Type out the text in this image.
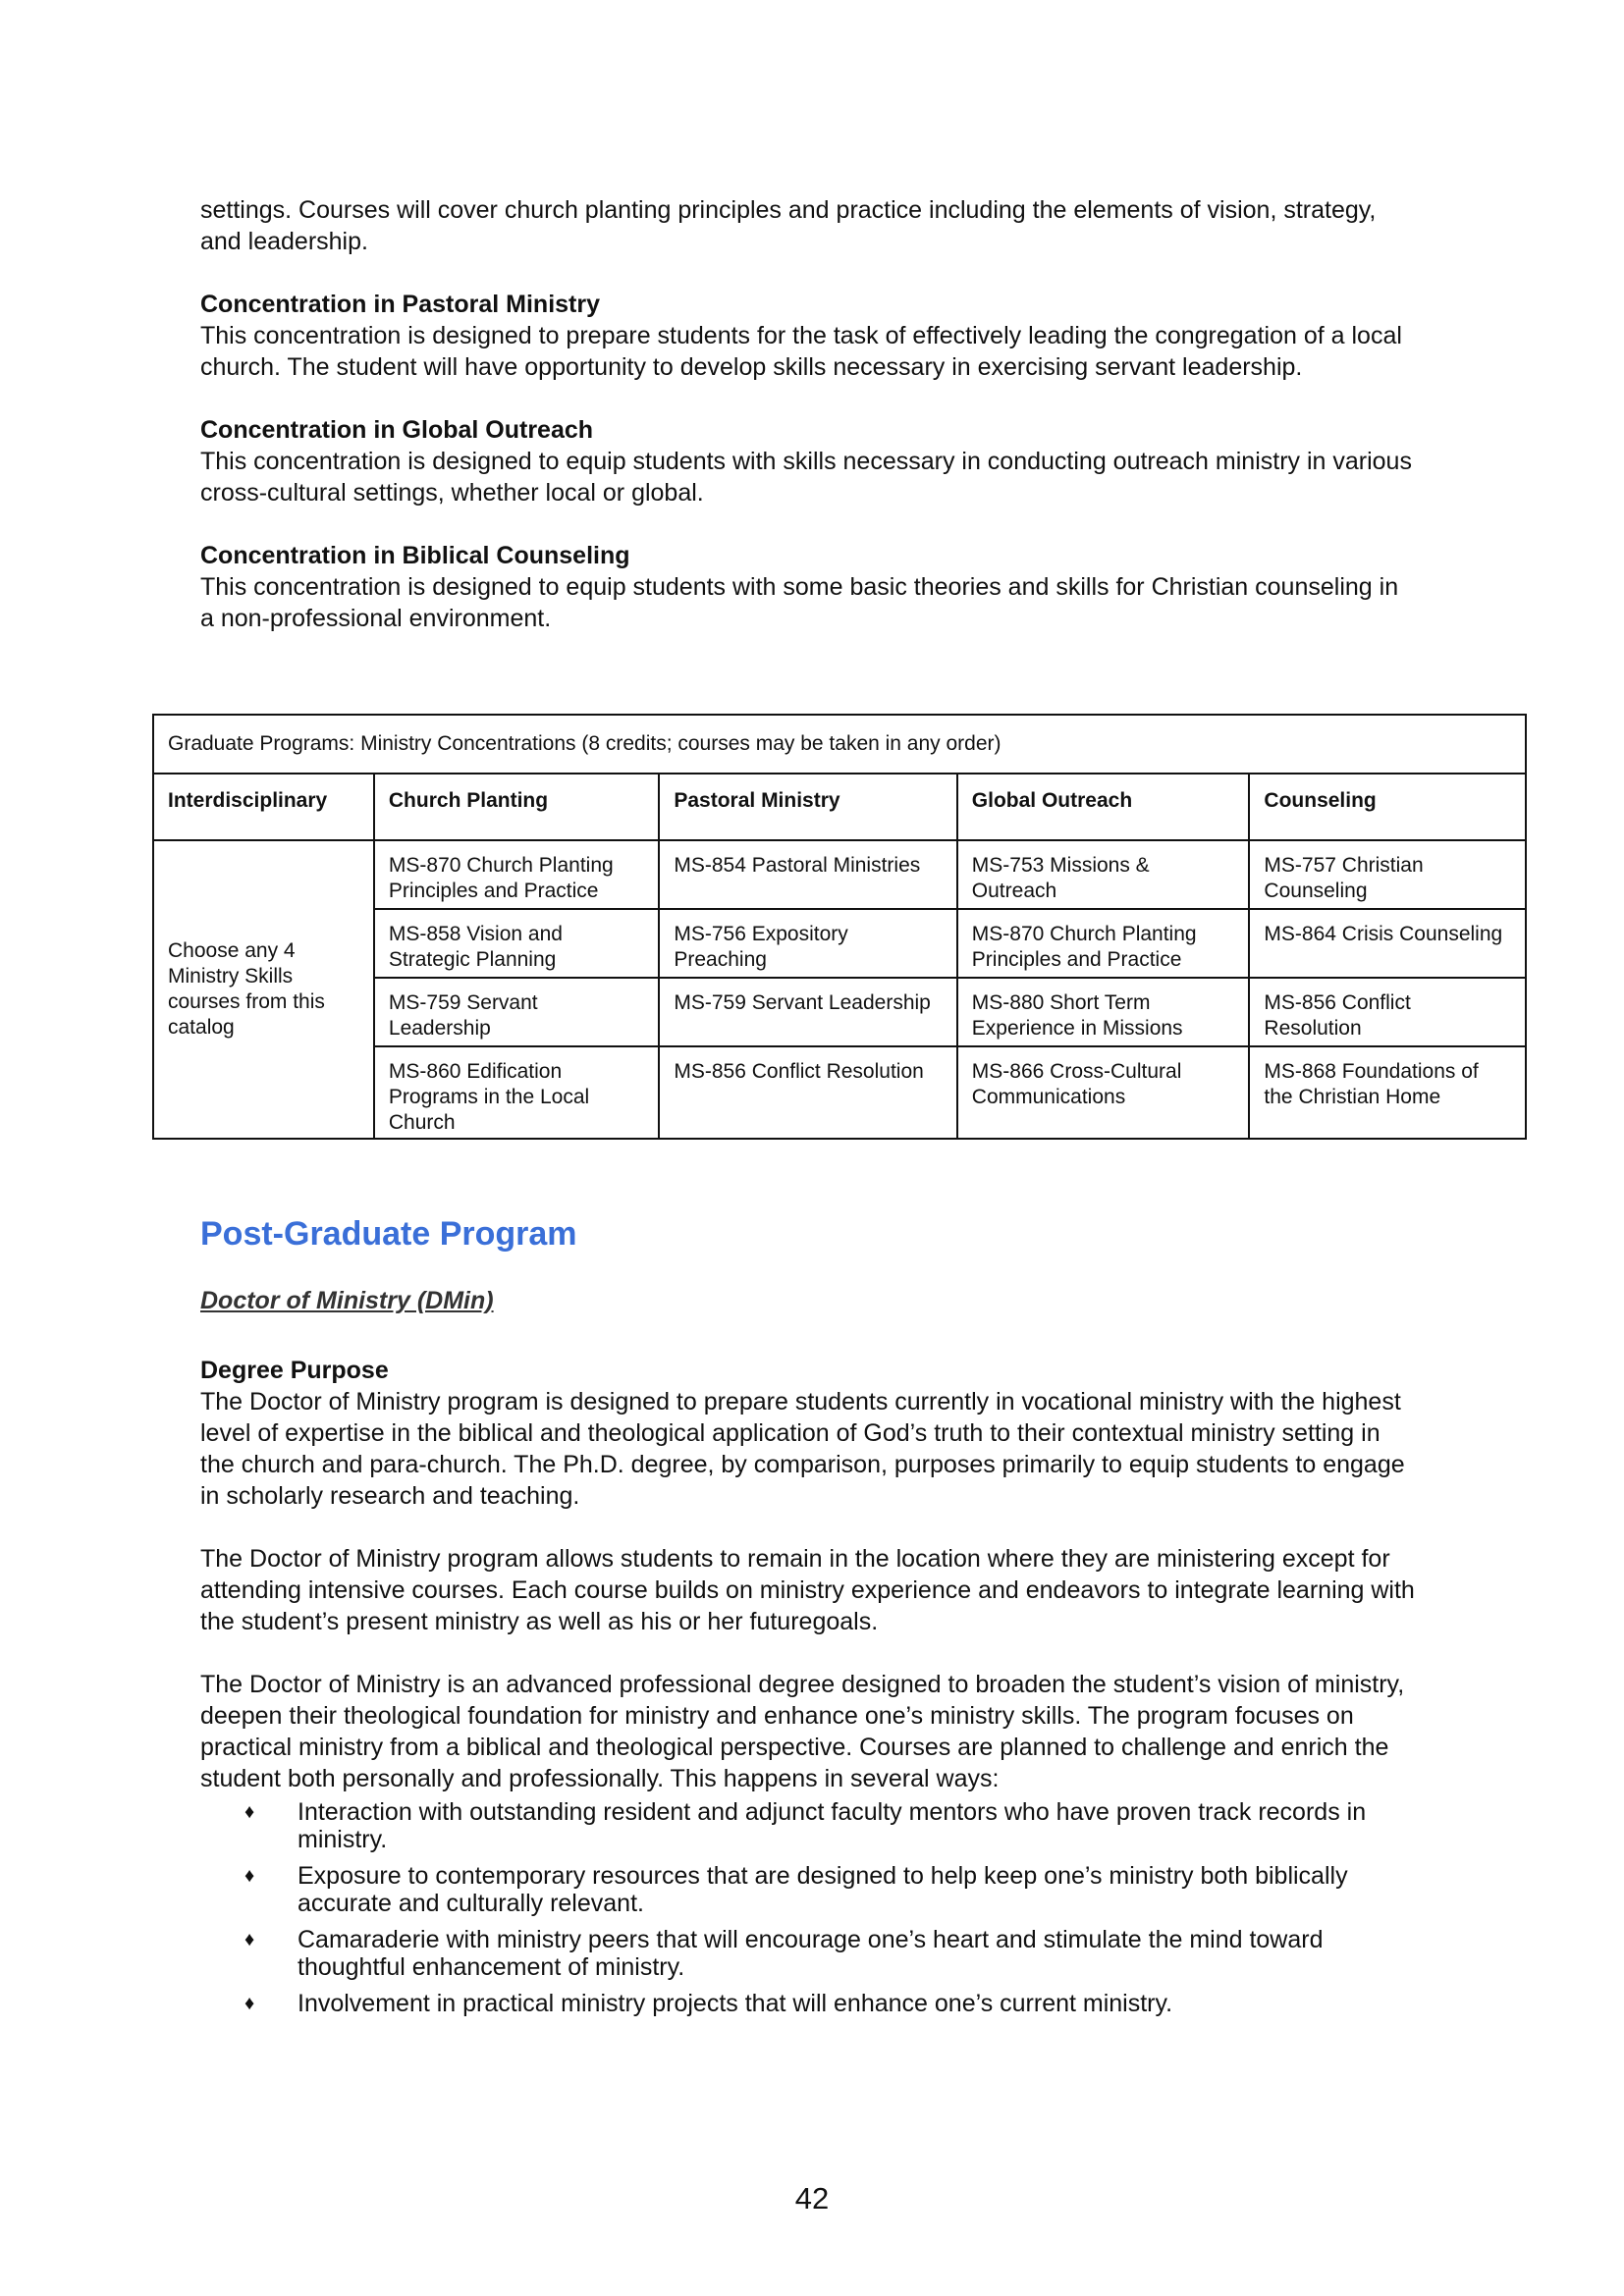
settings. Courses will cover church planting principles and practice including the elements of vision, strategy, and leadership.

Concentration in Pastoral Ministry

This concentration is designed to prepare students for the task of effectively leading the congregation of a local church. The student will have opportunity to develop skills necessary in exercising servant leadership.

Concentration in Global Outreach

This concentration is designed to equip students with skills necessary in conducting outreach ministry in various cross-cultural settings, whether local or global.

Concentration in Biblical Counseling

This concentration is designed to equip students with some basic theories and skills for Christian counseling in a non-professional environment.

Graduate Programs: Ministry Concentrations (8 credits; courses may be taken in any order)				
Interdisciplinary	Church Planting	Pastoral Ministry	Global Outreach	Counseling
Choose any 4 Ministry Skills courses from this catalog	MS-870 Church Planting Principles and Practice	MS-854 Pastoral Ministries	MS-753 Missions & Outreach	MS-757 Christian Counseling
	MS-858 Vision and Strategic Planning	MS-756 Expository Preaching	MS-870 Church Planting Principles and Practice	MS-864 Crisis Counseling
	MS-759 Servant Leadership	MS-759 Servant Leadership	MS-880 Short Term Experience in Missions	MS-856 Conflict Resolution
	MS-860 Edification Programs in the Local Church	MS-856 Conflict Resolution	MS-866 Cross-Cultural Communications	MS-868 Foundations of the Christian Home
Post-Graduate Program
Doctor of Ministry (DMin)
Degree Purpose

The Doctor of Ministry program is designed to prepare students currently in vocational ministry with the highest level of expertise in the biblical and theological application of God’s truth to their contextual ministry setting in the church and para-church. The Ph.D. degree, by comparison, purposes primarily to equip students to engage in scholarly research and teaching.

The Doctor of Ministry program allows students to remain in the location where they are ministering except for attending intensive courses. Each course builds on ministry experience and endeavors to integrate learning with the student’s present ministry as well as his or her futuregoals.

The Doctor of Ministry is an advanced professional degree designed to broaden the student’s vision of ministry, deepen their theological foundation for ministry and enhance one’s ministry skills. The program focuses on practical ministry from a biblical and theological perspective. Courses are planned to challenge and enrich the student both personally and professionally. This happens in several ways:

♦ Interaction with outstanding resident and adjunct faculty mentors who have proven track records in ministry.
♦ Exposure to contemporary resources that are designed to help keep one’s ministry both biblically accurate and culturally relevant.
♦ Camaraderie with ministry peers that will encourage one’s heart and stimulate the mind toward thoughtful enhancement of ministry.
♦ Involvement in practical ministry projects that will enhance one’s current ministry.
42
